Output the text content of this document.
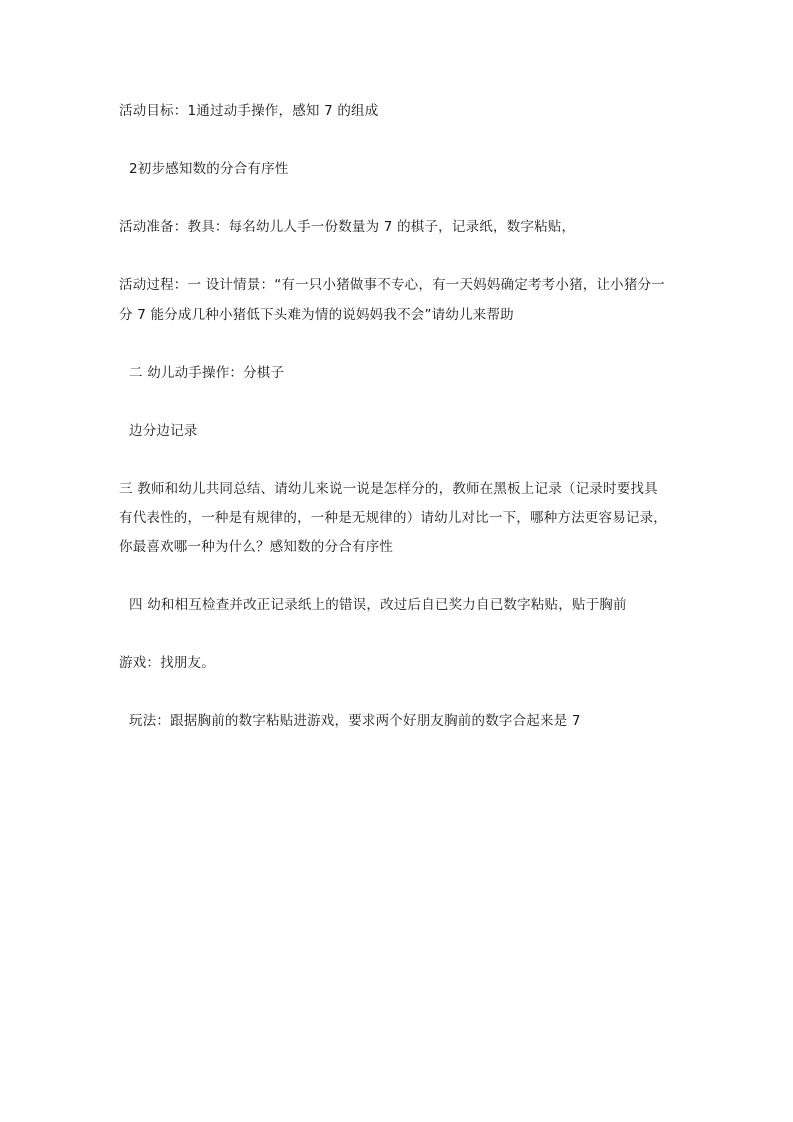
活动目标：1通过动手操作，感知 7 的组成
2初步感知数的分合有序性
活动准备：教具：每名幼儿人手一份数量为 7 的棋子，记录纸，数字粘贴，
活动过程：一 设计情景：“有一只小猪做事不专心，有一天妈妈确定考考小猪，让小猪分一
分 7 能分成几种小猪低下头难为情的说妈妈我不会”请幼儿来帮助
二 幼儿动手操作：分棋子
边分边记录
三 教师和幼儿共同总结、请幼儿来说一说是怎样分的，教师在黑板上记录（记录时要找具
有代表性的，一种是有规律的，一种是无规律的）请幼儿对比一下，哪种方法更容易记录，
你最喜欢哪一种为什么？感知数的分合有序性
四 幼和相互检查并改正记录纸上的错误，改过后自已奖力自已数字粘贴，贴于胸前
游戏：找朋友。
玩法：跟据胸前的数字粘贴进游戏，要求两个好朋友胸前的数字合起来是 7
